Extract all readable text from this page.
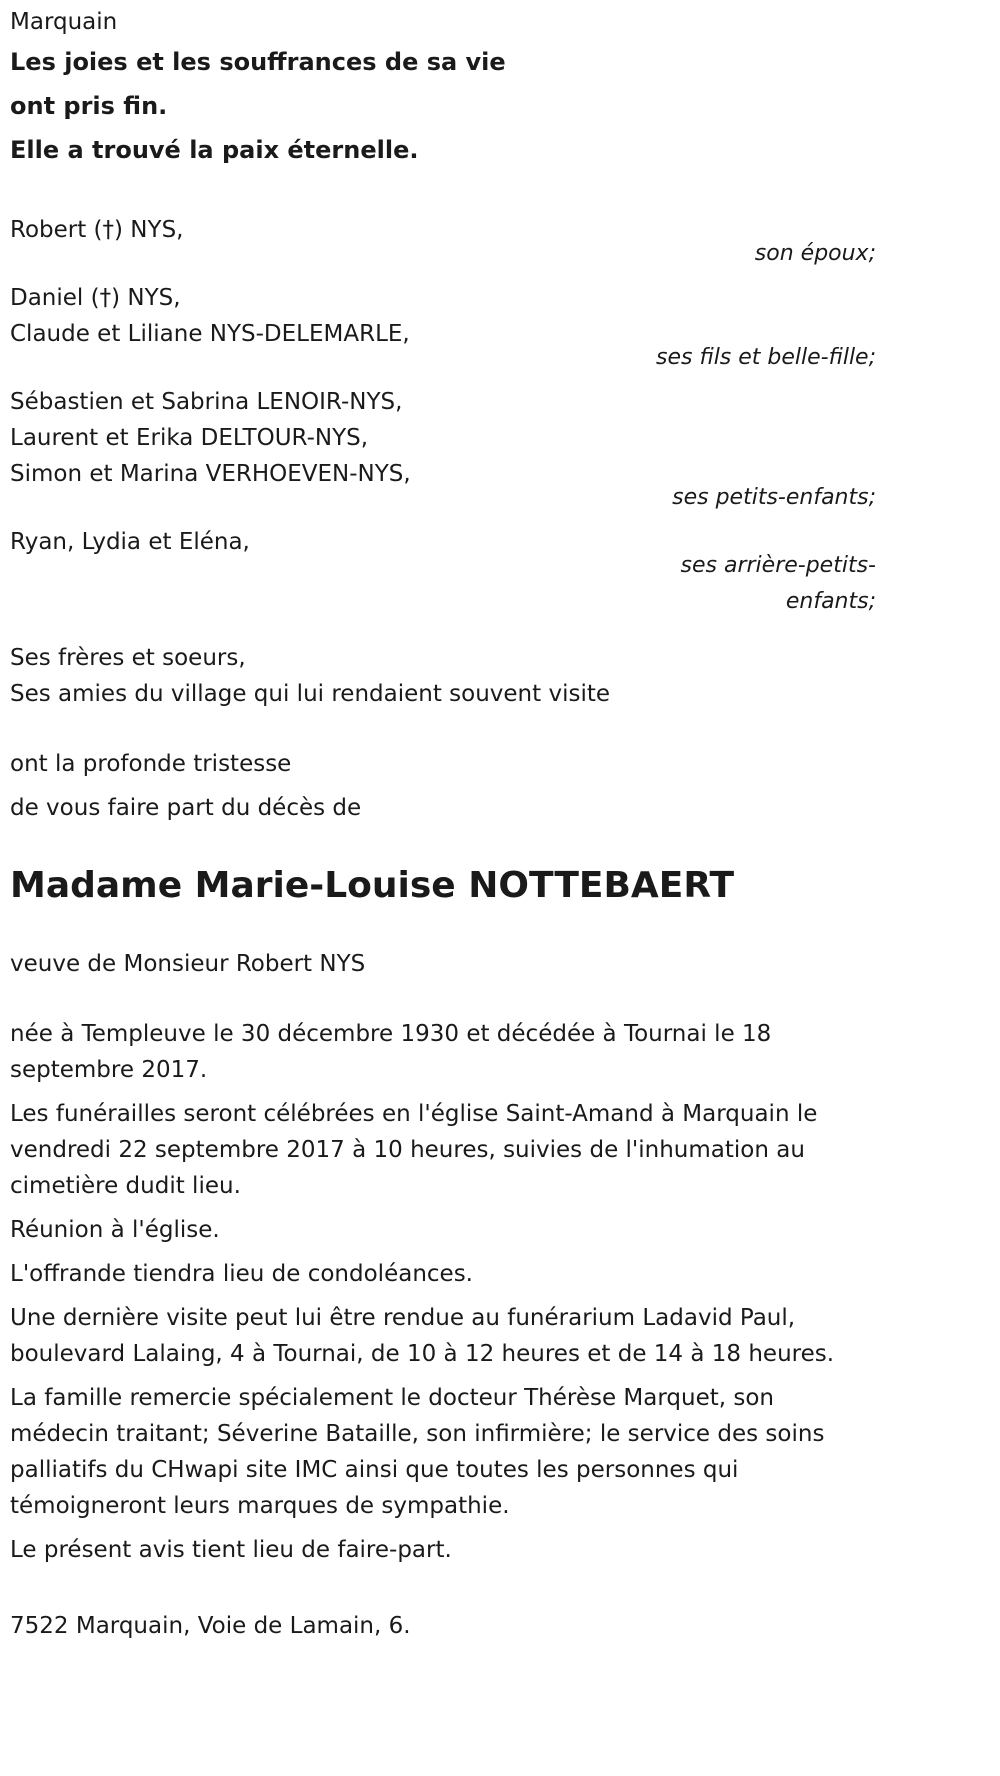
Marquain

Les joies et les souffrances de sa vie

ont pris fin.

Elle a trouvé la paix éternelle.

Robert (†) NYS,

son époux;

Daniel (†) NYS,

Claude et Liliane NYS-DELEMARLE,

ses fils et belle-fille;

Sébastien et Sabrina LENOIR-NYS,

Laurent et Erika DELTOUR-NYS,

Simon et Marina VERHOEVEN-NYS,

ses petits-enfants;

Ryan, Lydia et Eléna,

ses arrière-petits-enfants;

Ses frères et soeurs,

Ses amies du village qui lui rendaient souvent visite

ont la profonde tristesse

de vous faire part du décès de

Madame Marie-Louise NOTTEBAERT

veuve de Monsieur Robert NYS

née à Templeuve le 30 décembre 1930 et décédée à Tournai le 18 septembre 2017.

Les funérailles seront célébrées en l'église Saint-Amand à Marquain le vendredi 22 septembre 2017 à 10 heures, suivies de l'inhumation au cimetière dudit lieu.

Réunion à l'église.

L'offrande tiendra lieu de condoléances.

Une dernière visite peut lui être rendue au funérarium Ladavid Paul, boulevard Lalaing, 4 à Tournai, de 10 à 12 heures et de 14 à 18 heures.

La famille remercie spécialement le docteur Thérèse Marquet, son médecin traitant; Séverine Bataille, son infirmière; le service des soins palliatifs du CHwapi site IMC ainsi que toutes les personnes qui témoigneront leurs marques de sympathie.

Le présent avis tient lieu de faire-part.

7522 Marquain, Voie de Lamain, 6.
